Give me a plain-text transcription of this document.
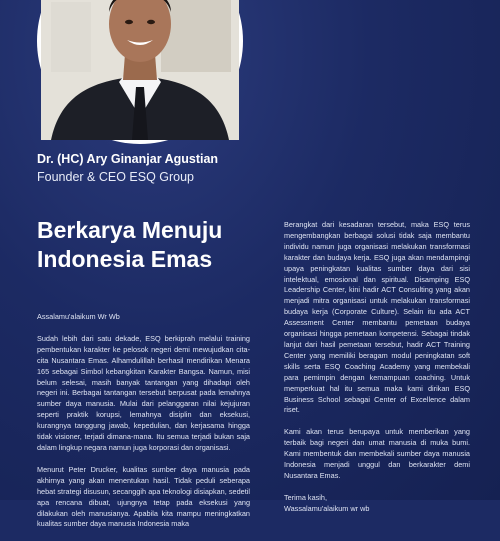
Dr. (HC) Ary Ginanjar Agustian
Founder & CEO ESQ Group
Berkarya Menuju
Indonesia Emas

Assalamu'alaikum Wr Wb

Sudah lebih dari satu dekade, ESQ berkiprah melalui training pembentukan karakter ke pelosok negeri demi mewujudkan cita-cita Nusantara Emas. Alhamdulillah berhasil mendirikan Menara 165 sebagai Simbol kebangkitan Karakter Bangsa. Namun, misi belum selesai, masih banyak tantangan yang dihadapi oleh negeri ini. Berbagai tantangan tersebut berpusat pada lemahnya sumber daya manusia. Mulai dari pelanggaran nilai kejujuran seperti praktik korupsi, lemahnya disiplin dan eksekusi, kurangnya tanggung jawab, kepedulian, dan kerjasama hingga tidak visioner, terjadi dimana-mana. Itu semua terjadi bukan saja dalam lingkup negara namun juga korporasi dan organisasi.

Menurut Peter Drucker, kualitas sumber daya manusia pada akhirnya yang akan menentukan hasil. Tidak peduli seberapa hebat strategi disusun, secanggih apa teknologi disiapkan, sedetil apa rencana dibuat, ujungnya tetap pada eksekusi yang dilakukan oleh manusianya. Apabila kita mampu meningkatkan kualitas sumber daya manusia Indonesia maka

Berangkat dari kesadaran tersebut, maka ESQ terus mengembangkan berbagai solusi tidak saja membantu individu namun juga organisasi melakukan transformasi karakter dan budaya kerja. ESQ juga akan mendampingi upaya peningkatan kualitas sumber daya dari sisi intelektual, emosional dan spiritual. Disamping ESQ Leadership Center, kini hadir ACT Consulting yang akan menjadi mitra organisasi untuk melakukan transformasi budaya kerja (Corporate Culture). Selain itu ada ACT Assessment Center membantu pemetaan budaya organisasi hingga pemetaan kompetensi. Sebagai tindak lanjut dari hasil pemetaan tersebut, hadir ACT Training Center yang memiliki beragam modul peningkatan soft skills serta ESQ Coaching Academy yang membekali para pemimpin dengan kemampuan coaching. Untuk memperkuat hal itu semua maka kami dirikan ESQ Business School sebagai Center of Excellence dalam riset.

Kami akan terus berupaya untuk memberikan yang terbaik bagi negeri dan umat manusia di muka bumi. Kami membentuk dan membekali sumber daya manusia Indonesia menjadi unggul dan berkarakter demi Nusantara Emas.

Terima kasih,

Wassalamu'alaikum wr wb
